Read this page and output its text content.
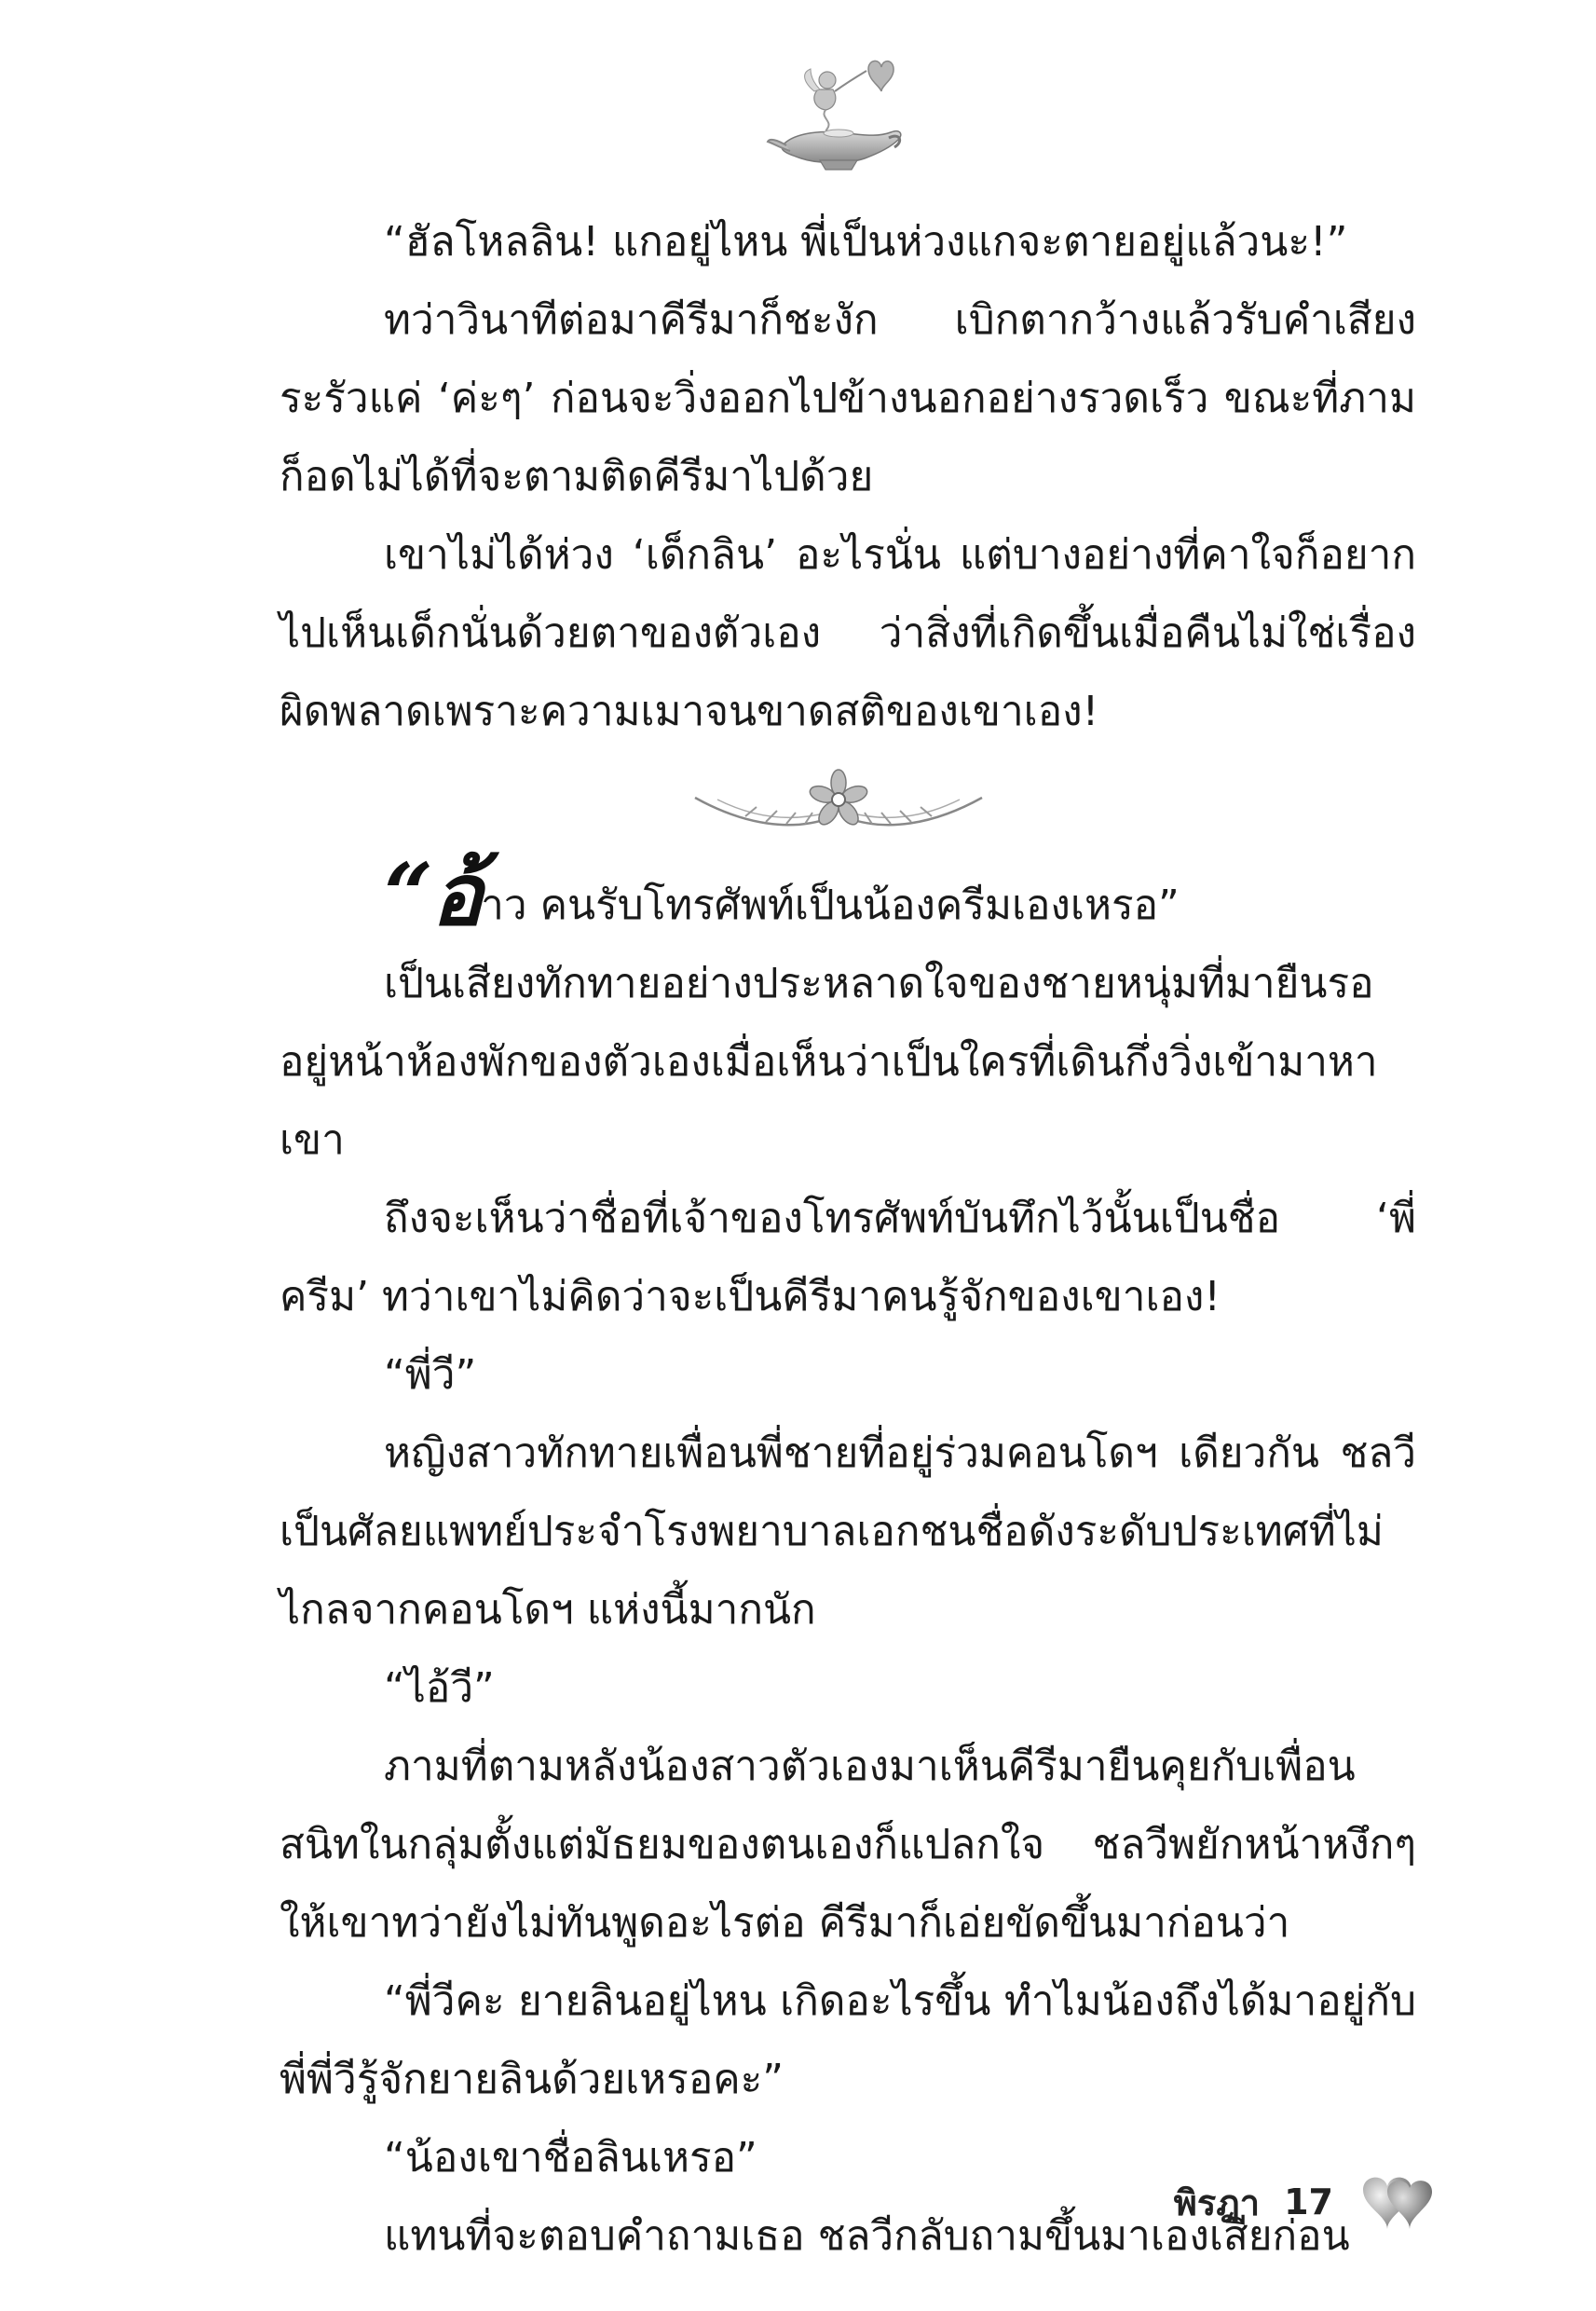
“ฮัลโหลลิน! แกอยู่ไหน พี่เป็นห่วงแกจะตายอยู่แล้วนะ!”

ทว่าวินาทีต่อมาคีรีมาก็ชะงัก เบิกตากว้างแล้วรับคำเสียงระรัวแค่ ‘ค่ะๆ’ ก่อนจะวิ่งออกไปข้างนอกอย่างรวดเร็ว ขณะที่ภามก็อดไม่ได้ที่จะตามติดคีรีมาไปด้วย

เขาไม่ได้ห่วง ‘เด็กลิน’ อะไรนั่น แต่บางอย่างที่คาใจก็อยากไปเห็นเด็กนั่นด้วยตาของตัวเอง ว่าสิ่งที่เกิดขึ้นเมื่อคืนไม่ใช่เรื่องผิดพลาดเพราะความเมาจนขาดสติของเขาเอง!

“อ้าว คนรับโทรศัพท์เป็นน้องครีมเองเหรอ”

เป็นเสียงทักทายอย่างประหลาดใจของชายหนุ่มที่มายืนรออยู่หน้าห้องพักของตัวเองเมื่อเห็นว่าเป็นใครที่เดินกึ่งวิ่งเข้ามาหาเขา

ถึงจะเห็นว่าชื่อที่เจ้าของโทรศัพท์บันทึกไว้นั้นเป็นชื่อ ‘พี่ครีม’ ทว่าเขาไม่คิดว่าจะเป็นคีรีมาคนรู้จักของเขาเอง!

“พี่วี”

หญิงสาวทักทายเพื่อนพี่ชายที่อยู่ร่วมคอนโดฯ เดียวกัน ชลวีเป็นศัลยแพทย์ประจำโรงพยาบาลเอกชนชื่อดังระดับประเทศที่ไม่ไกลจากคอนโดฯ แห่งนี้มากนัก

“ไอ้วี”

ภามที่ตามหลังน้องสาวตัวเองมาเห็นคีรีมายืนคุยกับเพื่อนสนิทในกลุ่มตั้งแต่มัธยมของตนเองก็แปลกใจ ชลวีพยักหน้าหงึกๆ ให้เขาทว่ายังไม่ทันพูดอะไรต่อ คีรีมาก็เอ่ยขัดขึ้นมาก่อนว่า

“พี่วีคะ ยายลินอยู่ไหน เกิดอะไรขึ้น ทำไมน้องถึงได้มาอยู่กับพี่พี่วีรู้จักยายลินด้วยเหรอคะ”

“น้องเขาชื่อลินเหรอ”

แทนที่จะตอบคำถามเธอ ชลวีกลับถามขึ้นมาเองเสียก่อน

พิรฎา 17
